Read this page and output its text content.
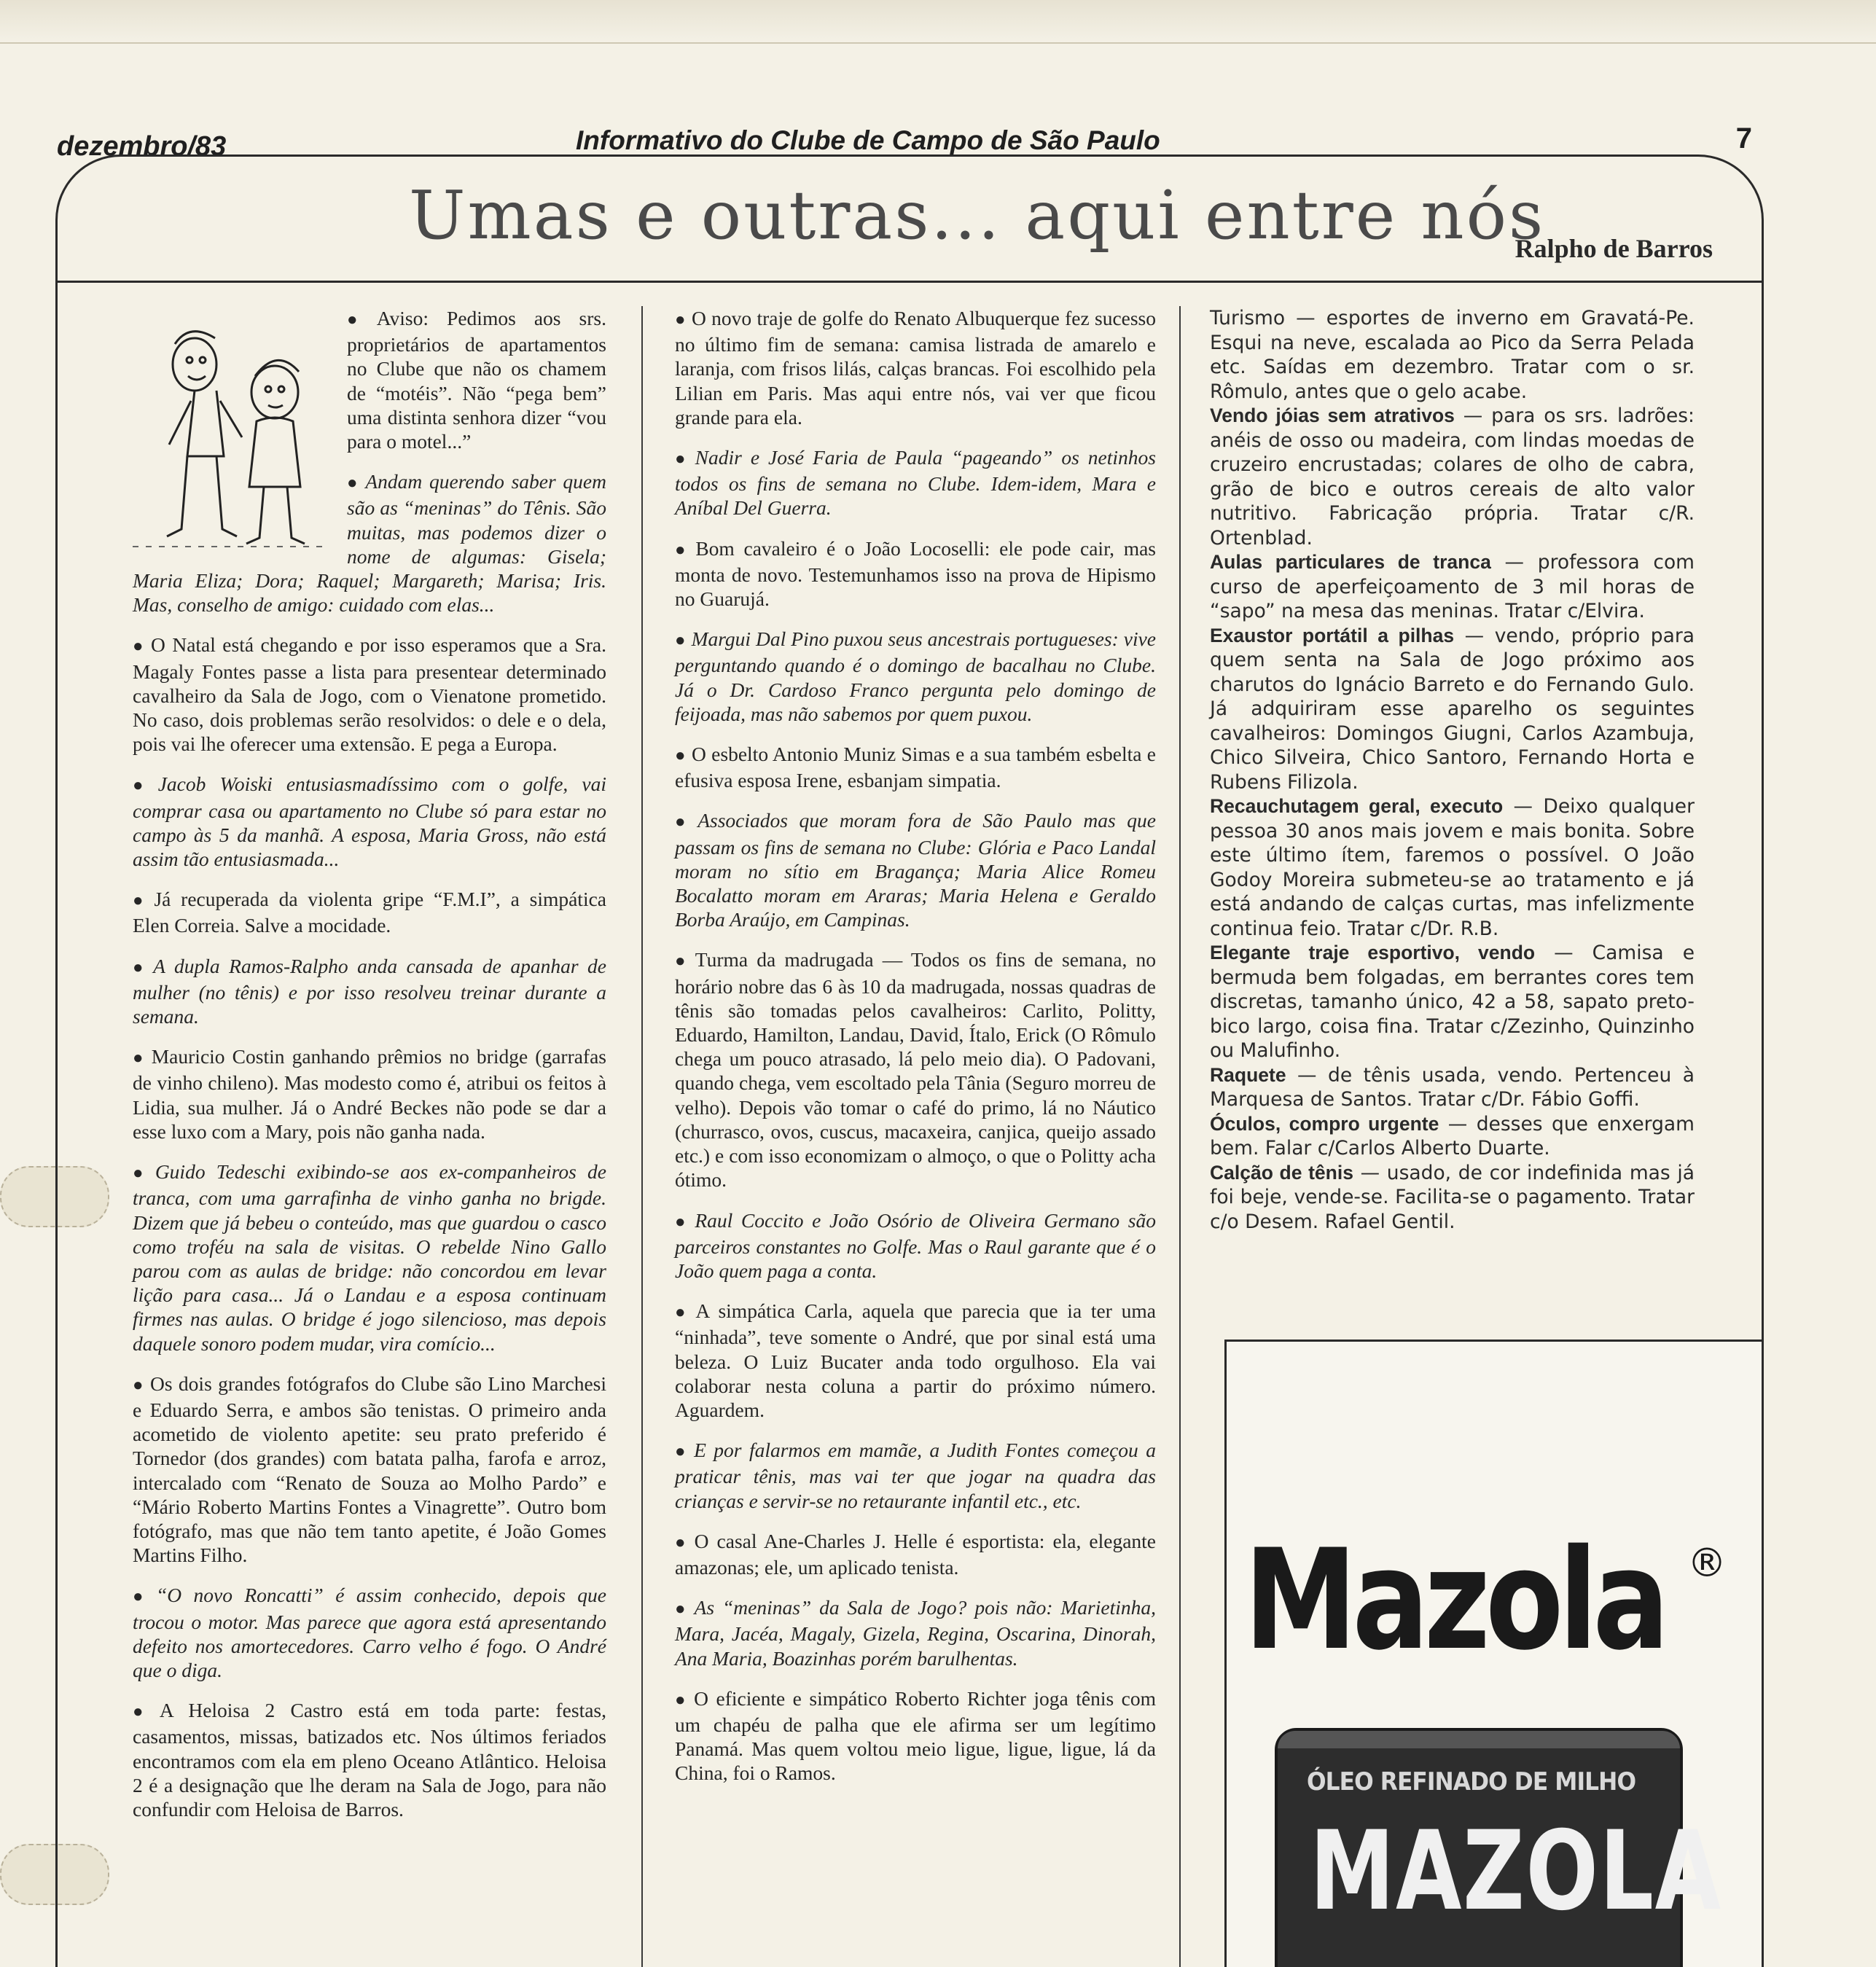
dezembro/83	Informativo do Clube de Campo de São Paulo	7
Umas e outras... aqui entre nós
Ralpho de Barros

● Aviso: Pedimos aos srs. proprietários de apartamentos no Clube que não os chamem de “motéis”. Não “pega bem” uma distinta senhora dizer “vou para o motel...”

● Andam querendo saber quem são as “meninas” do Tênis. São muitas, mas podemos dizer o nome de algumas: Gisela; Maria Eliza; Dora; Raquel; Margareth; Marisa; Iris. Mas, conselho de amigo: cuidado com elas...

● O Natal está chegando e por isso esperamos que a Sra. Magaly Fontes passe a lista para presentear determinado cavalheiro da Sala de Jogo, com o Vienatone prometido. No caso, dois problemas serão resolvidos: o dele e o dela, pois vai lhe oferecer uma extensão. E pega a Europa.

● Jacob Woiski entusiasmadíssimo com o golfe, vai comprar casa ou apartamento no Clube só para estar no campo às 5 da manhã. A esposa, Maria Gross, não está assim tão entusiasmada...

● Já recuperada da violenta gripe “F.M.I”, a simpática Elen Correia. Salve a mocidade.

● A dupla Ramos-Ralpho anda cansada de apanhar de mulher (no tênis) e por isso resolveu treinar durante a semana.

● Mauricio Costin ganhando prêmios no bridge (garrafas de vinho chileno). Mas modesto como é, atribui os feitos à Lidia, sua mulher. Já o André Beckes não pode se dar a esse luxo com a Mary, pois não ganha nada.

● Guido Tedeschi exibindo-se aos ex-companheiros de tranca, com uma garrafinha de vinho ganha no brigde. Dizem que já bebeu o conteúdo, mas que guardou o casco como troféu na sala de visitas. O rebelde Nino Gallo parou com as aulas de bridge: não concordou em levar lição para casa... Já o Landau e a esposa continuam firmes nas aulas. O bridge é jogo silencioso, mas depois daquele sonoro podem mudar, vira comício...

● Os dois grandes fotógrafos do Clube são Lino Marchesi e Eduardo Serra, e ambos são tenistas. O primeiro anda acometido de violento apetite: seu prato preferido é Tornedor (dos grandes) com batata palha, farofa e arroz, intercalado com “Renato de Souza ao Molho Pardo” e “Mário Roberto Martins Fontes a Vinagrette”. Outro bom fotógrafo, mas que não tem tanto apetite, é João Gomes Martins Filho.

● “O novo Roncatti” é assim conhecido, depois que trocou o motor. Mas parece que agora está apresentando defeito nos amortecedores. Carro velho é fogo. O André que o diga.

● A Heloisa 2 Castro está em toda parte: festas, casamentos, missas, batizados etc. Nos últimos feriados encontramos com ela em pleno Oceano Atlântico. Heloisa 2 é a designação que lhe deram na Sala de Jogo, para não confundir com Heloisa de Barros.

● O novo traje de golfe do Renato Albuquerque fez sucesso no último fim de semana: camisa listrada de amarelo e laranja, com frisos lilás, calças brancas. Foi escolhido pela Lilian em Paris. Mas aqui entre nós, vai ver que ficou grande para ela.

● Nadir e José Faria de Paula “pageando” os netinhos todos os fins de semana no Clube. Idem-idem, Mara e Aníbal Del Guerra.

● Bom cavaleiro é o João Locoselli: ele pode cair, mas monta de novo. Testemunhamos isso na prova de Hipismo no Guarujá.

● Margui Dal Pino puxou seus ancestrais portugueses: vive perguntando quando é o domingo de bacalhau no Clube. Já o Dr. Cardoso Franco pergunta pelo domingo de feijoada, mas não sabemos por quem puxou.

● O esbelto Antonio Muniz Simas e a sua também esbelta e efusiva esposa Irene, esbanjam simpatia.

● Associados que moram fora de São Paulo mas que passam os fins de semana no Clube: Glória e Paco Landal moram no sítio em Bragança; Maria Alice Romeu Bocalatto moram em Araras; Maria Helena e Geraldo Borba Araújo, em Campinas.

● Turma da madrugada — Todos os fins de semana, no horário nobre das 6 às 10 da madrugada, nossas quadras de tênis são tomadas pelos cavalheiros: Carlito, Politty, Eduardo, Hamilton, Landau, David, Ítalo, Erick (O Rômulo chega um pouco atrasado, lá pelo meio dia). O Padovani, quando chega, vem escoltado pela Tânia (Seguro morreu de velho). Depois vão tomar o café do primo, lá no Náutico (churrasco, ovos, cuscus, macaxeira, canjica, queijo assado etc.) e com isso economizam o almoço, o que o Politty acha ótimo.

● Raul Coccito e João Osório de Oliveira Germano são parceiros constantes no Golfe. Mas o Raul garante que é o João quem paga a conta.

● A simpática Carla, aquela que parecia que ia ter uma “ninhada”, teve somente o André, que por sinal está uma beleza. O Luiz Bucater anda todo orgulhoso. Ela vai colaborar nesta coluna a partir do próximo número. Aguardem.

● E por falarmos em mamãe, a Judith Fontes começou a praticar tênis, mas vai ter que jogar na quadra das crianças e servir-se no retaurante infantil etc., etc.

● O casal Ane-Charles J. Helle é esportista: ela, elegante amazonas; ele, um aplicado tenista.

● As “meninas” da Sala de Jogo? pois não: Marietinha, Mara, Jacéa, Magaly, Gizela, Regina, Oscarina, Dinorah, Ana Maria, Boazinhas porém barulhentas.

● O eficiente e simpático Roberto Richter joga tênis com um chapéu de palha que ele afirma ser um legítimo Panamá. Mas quem voltou meio ligue, ligue, ligue, lá da China, foi o Ramos.

Turismo — esportes de inverno em Gravatá-Pe. Esqui na neve, escalada ao Pico da Serra Pelada etc. Saídas em dezembro. Tratar com o sr. Rômulo, antes que o gelo acabe.

Vendo jóias sem atrativos — para os srs. ladrões: anéis de osso ou madeira, com lindas moedas de cruzeiro encrustadas; colares de olho de cabra, grão de bico e outros cereais de alto valor nutritivo. Fabricação própria. Tratar c/R. Ortenblad.

Aulas particulares de tranca — professora com curso de aperfeiçoamento de 3 mil horas de “sapo” na mesa das meninas. Tratar c/Elvira.

Exaustor portátil a pilhas — vendo, próprio para quem senta na Sala de Jogo próximo aos charutos do Ignácio Barreto e do Fernando Gulo. Já adquiriram esse aparelho os seguintes cavalheiros: Domingos Giugni, Carlos Azambuja, Chico Silveira, Chico Santoro, Fernando Horta e Rubens Filizola.

Recauchutagem geral, executo — Deixo qualquer pessoa 30 anos mais jovem e mais bonita. Sobre este último ítem, faremos o possível. O João Godoy Moreira submeteu-se ao tratamento e já está andando de calças curtas, mas infelizmente continua feio. Tratar c/Dr. R.B.

Elegante traje esportivo, vendo — Camisa e bermuda bem folgadas, em berrantes cores tem discretas, tamanho único, 42 a 58, sapato preto-bico largo, coisa fina. Tratar c/Zezinho, Quinzinho ou Malufinho.

Raquete — de tênis usada, vendo. Pertenceu à Marquesa de Santos. Tratar c/Dr. Fábio Goffi.

Óculos, compro urgente — desses que enxergam bem. Falar c/Carlos Alberto Duarte.

Calção de tênis — usado, de cor indefinida mas já foi beje, vende-se. Facilita-se o pagamento. Tratar c/o Desem. Rafael Gentil.

Mazola ®
ÓLEO REFINADO DE MILHO
MAZOLA
